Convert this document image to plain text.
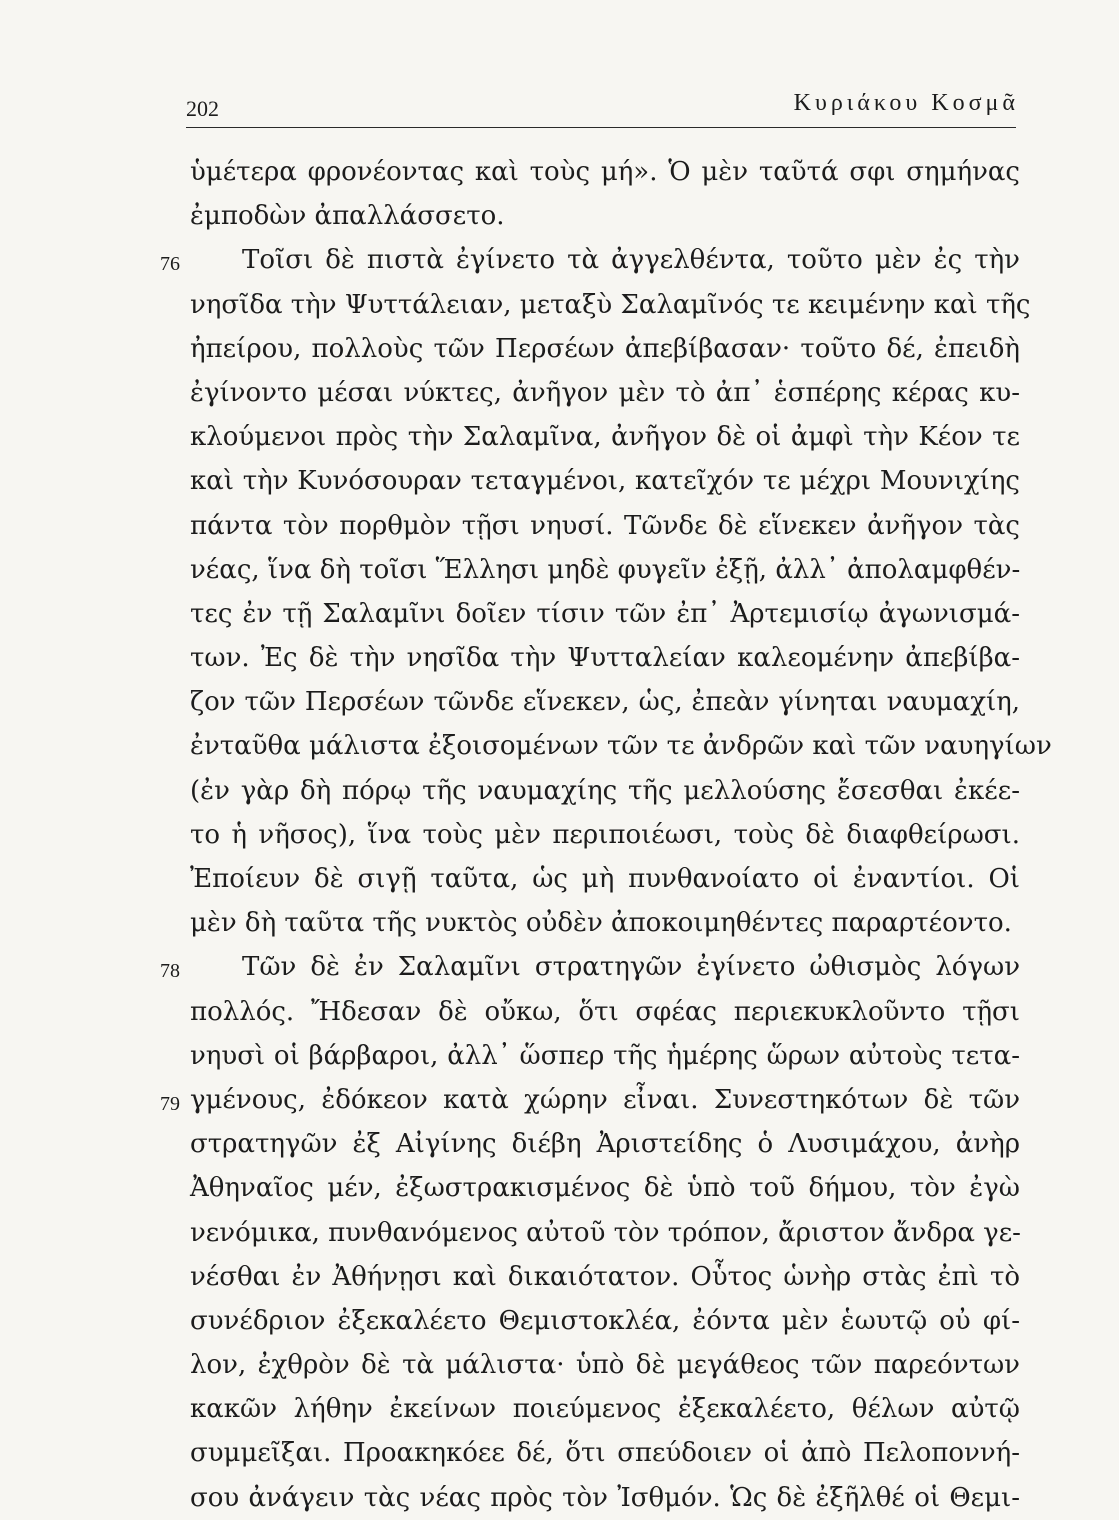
202	Κυριάκου Κοσμᾶ
ὑμέτερα φρονέοντας καὶ τοὺς μή». Ὁ μὲν ταῦτά σφι σημήνας
ἐμποδὼν ἀπαλλάσσετο.
76 Τοῖσι δὲ πιστὰ ἐγίνετο τὰ ἀγγελθέντα, τοῦτο μὲν ἐς τὴν
νησῖδα τὴν Ψυττάλειαν, μεταξὺ Σαλαμῖνός τε κειμένην καὶ τῆς
ἠπείρου, πολλοὺς τῶν Περσέων ἀπεβίβασαν· τοῦτο δέ, ἐπειδὴ
ἐγίνοντο μέσαι νύκτες, ἀνῆγον μὲν τὸ ἀπ᾽ ἑσπέρης κέρας κυ-
κλούμενοι πρὸς τὴν Σαλαμῖνα, ἀνῆγον δὲ οἱ ἀμφὶ τὴν Κέον τε
καὶ τὴν Κυνόσουραν τεταγμένοι, κατεῖχόν τε μέχρι Μουνιχίης
πάντα τὸν πορθμὸν τῇσι νηυσί. Τῶνδε δὲ εἵνεκεν ἀνῆγον τὰς
νέας, ἵνα δὴ τοῖσι Ἕλλησι μηδὲ φυγεῖν ἐξῇ, ἀλλ᾽ ἀπολαμφθέν-
τες ἐν τῇ Σαλαμῖνι δοῖεν τίσιν τῶν ἐπ᾽ Ἀρτεμισίῳ ἀγωνισμά-
των. Ἐς δὲ τὴν νησῖδα τὴν Ψυτταλείαν καλεομένην ἀπεβίβα-
ζον τῶν Περσέων τῶνδε εἵνεκεν, ὡς, ἐπεὰν γίνηται ναυμαχίη,
ἐνταῦθα μάλιστα ἐξοισομένων τῶν τε ἀνδρῶν καὶ τῶν ναυηγίων
(ἐν γὰρ δὴ πόρῳ τῆς ναυμαχίης τῆς μελλούσης ἔσεσθαι ἐκέε-
το ἡ νῆσος), ἵνα τοὺς μὲν περιποιέωσι, τοὺς δὲ διαφθείρωσι.
Ἐποίευν δὲ σιγῇ ταῦτα, ὡς μὴ πυνθανοίατο οἱ ἐναντίοι. Οἱ
μὲν δὴ ταῦτα τῆς νυκτὸς οὐδὲν ἀποκοιμηθέντες παραρτέοντο.
78 Τῶν δὲ ἐν Σαλαμῖνι στρατηγῶν ἐγίνετο ὠθισμὸς λόγων
πολλός. Ἤδεσαν δὲ οὔκω, ὅτι σφέας περιεκυκλοῦντο τῇσι
νηυσὶ οἱ βάρβαροι, ἀλλ᾽ ὥσπερ τῆς ἡμέρης ὥρων αὐτοὺς τετα-
79 γμένους, ἐδόκεον κατὰ χώρην εἶναι. Συνεστηκότων δὲ τῶν
στρατηγῶν ἐξ Αἰγίνης διέβη Ἀριστείδης ὁ Λυσιμάχου, ἀνὴρ
Ἀθηναῖος μέν, ἐξωστρακισμένος δὲ ὑπὸ τοῦ δήμου, τὸν ἐγὼ
νενόμικα, πυνθανόμενος αὐτοῦ τὸν τρόπον, ἄριστον ἄνδρα γε-
νέσθαι ἐν Ἀθήνῃσι καὶ δικαιότατον. Οὗτος ὡνὴρ στὰς ἐπὶ τὸ
συνέδριον ἐξεκαλέετο Θεμιστοκλέα, ἐόντα μὲν ἑωυτῷ οὐ φί-
λον, ἐχθρὸν δὲ τὰ μάλιστα· ὑπὸ δὲ μεγάθεος τῶν παρεόντων
κακῶν λήθην ἐκείνων ποιεύμενος ἐξεκαλέετο, θέλων αὐτῷ
συμμεῖξαι. Προακηκόεε δέ, ὅτι σπεύδοιεν οἱ ἀπὸ Πελοποννή-
σου ἀνάγειν τὰς νέας πρὸς τὸν Ἰσθμόν. Ὡς δὲ ἐξῆλθέ οἱ Θεμι-
